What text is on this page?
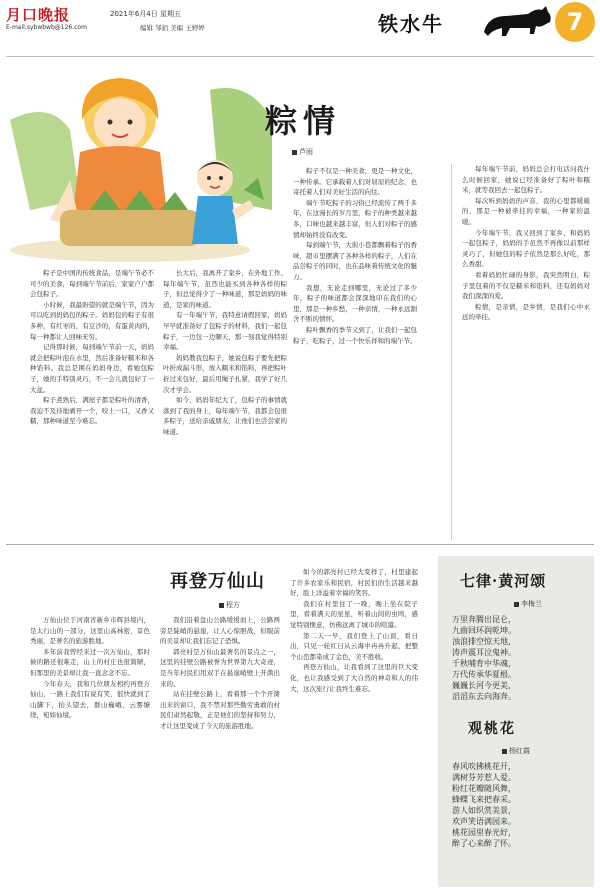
月口晚报
E-mail:sybwbwb@126.com
2021年6月4日 星期五
编辑 邹娟 美编 王婷婷	铁水牛	7
粽情
芦雨

粽子是中国的传统食品，是端午节必不可少的美食，每到端午节前后，家家户户都会包粽子。

小时候，我最盼望的就是端午节，因为可以吃到妈妈包的粽子。妈妈包的粽子有很多种，有红枣的，有豆沙的，有蛋黄肉的，每一种都让人回味无穷。

记得那时候，每到端午节前一天，妈妈就会把粽叶泡在水里，然后准备好糯米和各种馅料。我总是围在妈妈身边，看她包粽子，她的手特别灵巧，不一会儿就包好了一大盆。

粽子煮熟后，满屋子都是粽叶的清香，我迫不及待地剥开一个，咬上一口，又香又糯，那种味道至今难忘。

长大后，我离开了家乡，在外地工作。每年端午节，虽然也能买到各种各样的粽子，但总觉得少了一种味道，那是妈妈的味道，是家的味道。

有一年端午节，我特意请假回家，妈妈早早就准备好了包粽子的材料，我们一起包粽子，一边包一边聊天，那一刻我觉得特别幸福。

妈妈教我包粽子，她说包粽子要先把粽叶折成漏斗形，放入糯米和馅料，再把粽叶折过来包好，最后用绳子扎紧，我学了好几次才学会。

如今，妈妈年纪大了，包粽子的事情就落到了我的身上，每年端午节，我都会包很多粽子，送给亲戚朋友，让他们也尝尝家的味道。

粽子不仅是一种美食，更是一种文化，一种传承。它承载着人们对屈原的纪念，也寄托着人们对美好生活的向往。

端午节吃粽子的习俗已经流传了两千多年，在这漫长的岁月里，粽子的种类越来越多，口味也越来越丰富，但人们对粽子的感情却始终没有改变。

每到端午节，大街小巷都飘着粽子的香味，超市里摆满了各种各样的粽子，人们在品尝粽子的同时，也在品味着传统文化的魅力。

我想，无论走到哪里，无论过了多少年，粽子的味道都会深深地印在我们的心里，那是一种乡愁，一种亲情，一种永远割舍不断的情怀。

粽叶飘香的季节又到了，让我们一起包粽子，吃粽子，过一个快乐祥和的端午节。

每年端午节前，妈妈总会打电话问我什么时候回家，她说已经准备好了粽叶和糯米，就等我回去一起包粽子。

每次听到妈妈的声音，我的心里都暖暖的，那是一种被牵挂的幸福，一种家的温暖。

今年端午节，我又回到了家乡，和妈妈一起包粽子，妈妈的手虽然不再像以前那样灵巧了，但她包的粽子依然是那么好吃，那么香甜。

看着妈妈忙碌的身影，我突然明白，粽子里包着的不仅是糯米和馅料，还有妈妈对我们深深的爱。

粽情，是亲情，是乡情，是我们心中永远的牵挂。

再登万仙山
程方

万仙山位于河南省新乡市辉县境内，是太行山的一部分，这里山高林密，景色秀丽，是著名的旅游胜地。

多年前我曾经来过一次万仙山，那时候的路还很难走，山上的村庄也很简陋，但那里的美景却让我一直念念不忘。

今年春天，我和几位朋友相约再登万仙山，一路上我们有说有笑，很快就到了山脚下，抬头望去，群山巍峨，云雾缭绕，宛如仙境。

我们沿着盘山公路缓缓而上，公路两旁是陡峭的悬崖，让人心惊胆战，但眼前的美景却让我们忘记了恐惧。

郭亮村是万仙山最著名的景点之一，这里的挂壁公路被誉为世界第九大奇迹，是当年村民们用双手在悬崖峭壁上开凿出来的。

站在挂壁公路上，看着那一个个开凿出来的窗口，我不禁对那些勤劳勇敢的村民们肃然起敬，正是他们的坚持和努力，才让这里变成了今天的旅游胜地。

如今的郭亮村已经大变样了，村里建起了许多农家乐和民宿，村民们的生活越来越好，脸上洋溢着幸福的笑容。

我们在村里住了一晚，晚上坐在院子里，看着满天的星星，听着山间的虫鸣，感觉特别惬意，仿佛远离了城市的喧嚣。

第二天一早，我们登上了山顶，看日出，只见一轮红日从云海中冉冉升起，把整个山峦都染成了金色，美不胜收。

再登万仙山，让我看到了这里的巨大变化，也让我感受到了大自然的神奇和人的伟大，这次旅行让我终生难忘。

七律·黄河颂
李梅兰
万里奔腾出昆仑，
九曲回环润乾坤。
浊浪排空惊天地，
涛声震耳泣鬼神。
千秋哺育中华魂，
万代传承华夏根。
巍巍长河今更美，
滔滔东去向海奔。
观桃花
杨红霞
春风吹拂桃花开，
满树芬芳惹人爱。
粉红花瓣随风舞，
蜂蝶飞来把春采。
游人如织赏美景，
欢声笑语满园来。
桃花园里春光好，
醉了心来醉了怀。
